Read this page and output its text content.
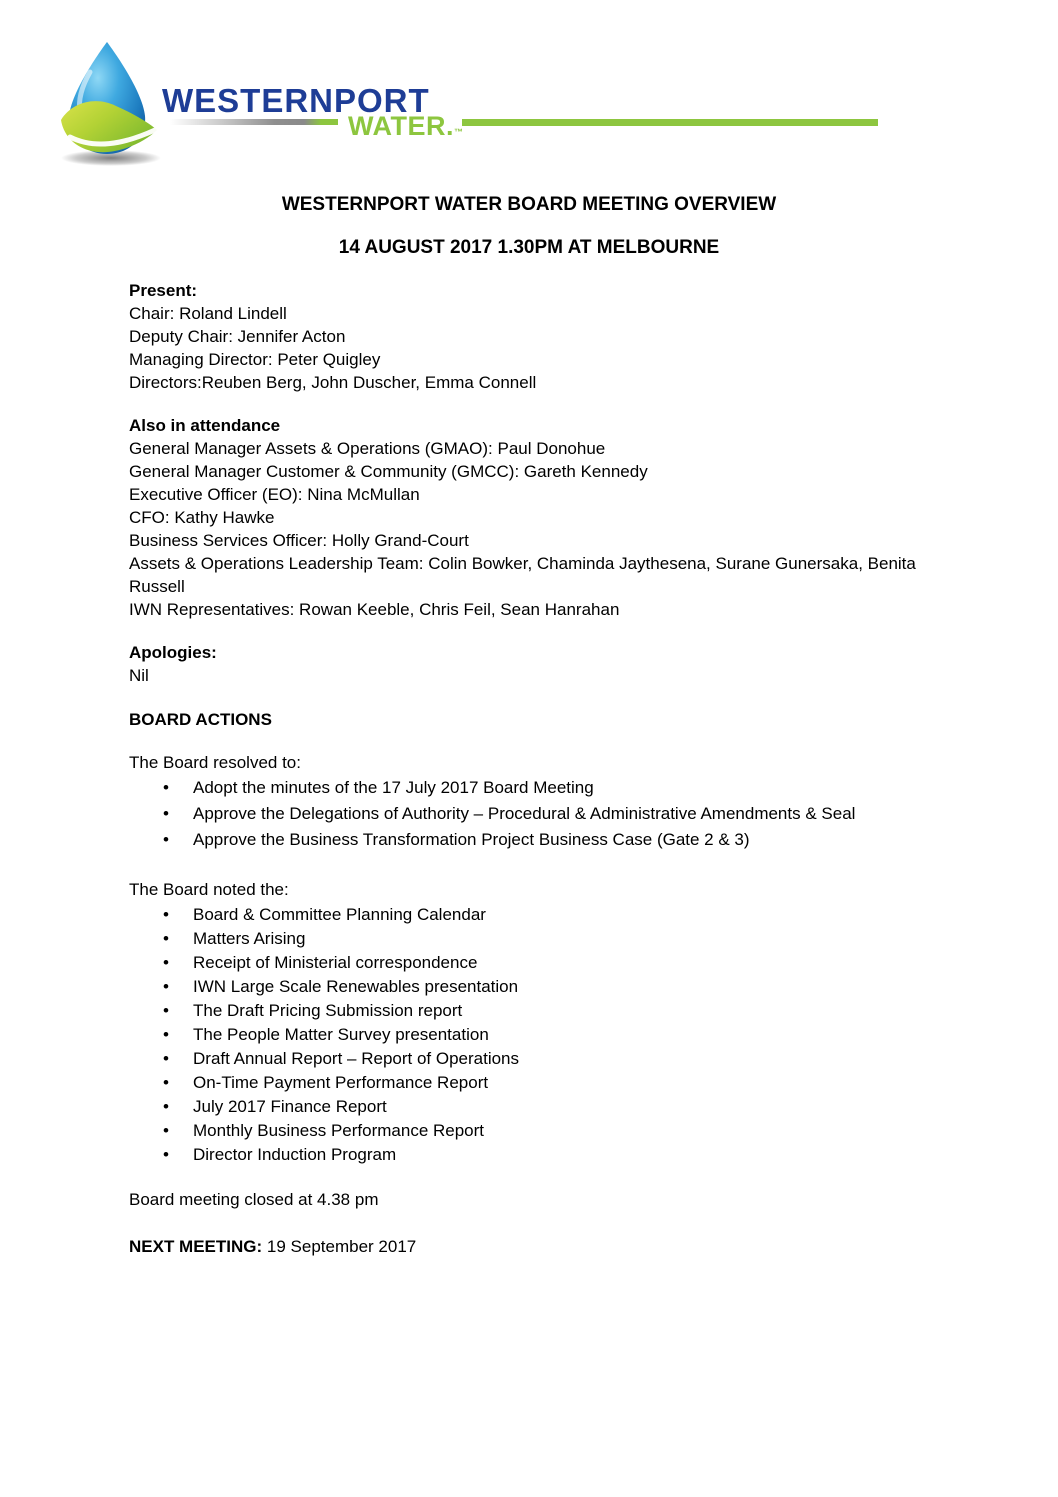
WESTERNPORT
WATER.™

WESTERNPORT WATER BOARD MEETING OVERVIEW

14 AUGUST 2017 1.30PM AT MELBOURNE

Present:

Chair: Roland Lindell

Deputy Chair: Jennifer Acton

Managing Director: Peter Quigley

Directors:Reuben Berg, John Duscher, Emma Connell

Also in attendance

General Manager Assets & Operations (GMAO): Paul Donohue

General Manager Customer & Community (GMCC): Gareth Kennedy

Executive Officer (EO): Nina McMullan

CFO: Kathy Hawke

Business Services Officer: Holly Grand-Court

Assets & Operations Leadership Team: Colin Bowker, Chaminda Jaythesena, Surane Gunersaka, Benita Russell

IWN Representatives: Rowan Keeble, Chris Feil, Sean Hanrahan

Apologies:

Nil

BOARD ACTIONS

The Board resolved to:

•	Adopt the minutes of the 17 July 2017 Board Meeting
•	Approve the Delegations of Authority – Procedural & Administrative Amendments & Seal
•	Approve the Business Transformation Project Business Case (Gate 2 & 3)

The Board noted the:

•	Board & Committee Planning Calendar
•	Matters Arising
•	Receipt of Ministerial correspondence
•	IWN Large Scale Renewables presentation
•	The Draft Pricing Submission report
•	The People Matter Survey presentation
•	Draft Annual Report – Report of Operations
•	On-Time Payment Performance Report
•	July 2017 Finance Report
•	Monthly Business Performance Report
•	Director Induction Program

Board meeting closed at 4.38 pm

NEXT MEETING: 19 September 2017
